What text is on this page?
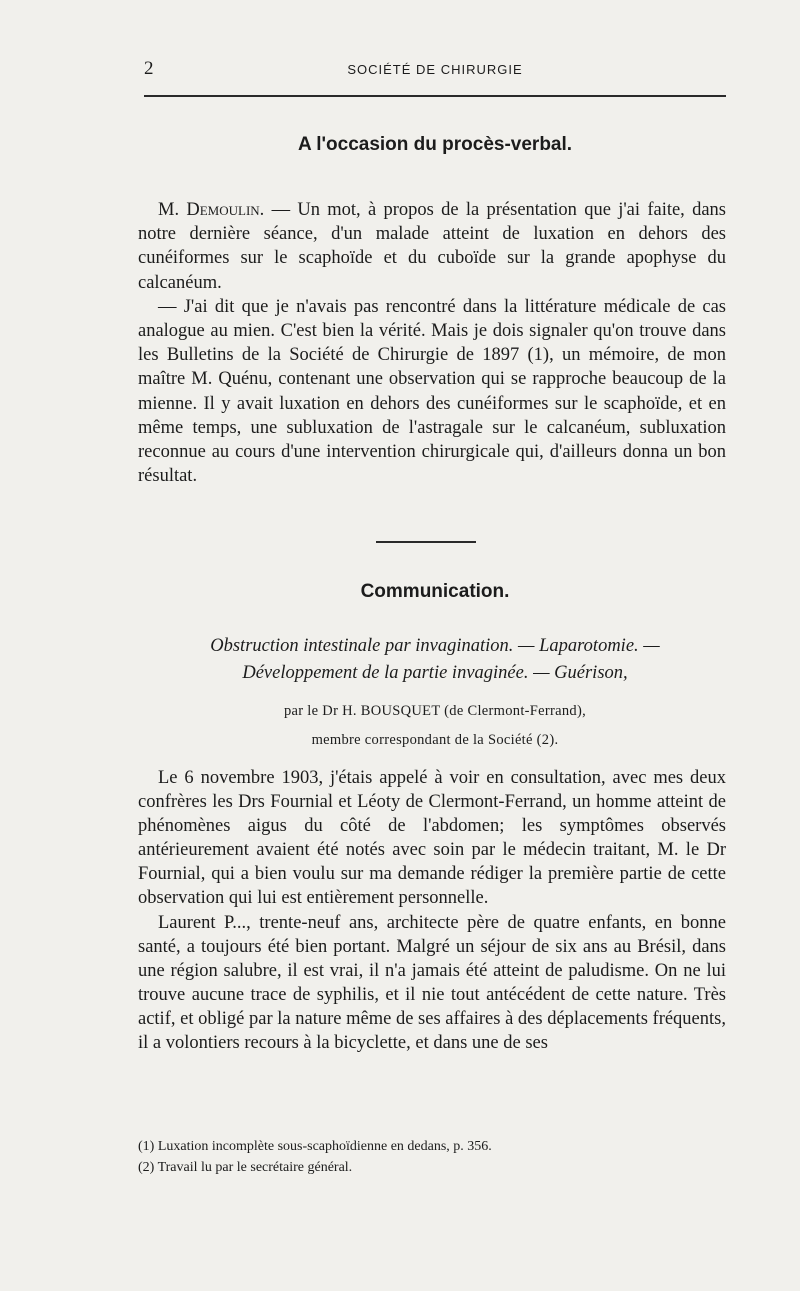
2	SOCIÉTÉ DE CHIRURGIE
A l'occasion du procès-verbal.

M. Demoulin. — Un mot, à propos de la présentation que j'ai faite, dans notre dernière séance, d'un malade atteint de luxation en dehors des cunéiformes sur le scaphoïde et du cuboïde sur la grande apophyse du calcanéum.

— J'ai dit que je n'avais pas rencontré dans la littérature médicale de cas analogue au mien. C'est bien la vérité. Mais je dois signaler qu'on trouve dans les Bulletins de la Société de Chirurgie de 1897 (1), un mémoire, de mon maître M. Quénu, contenant une observation qui se rapproche beaucoup de la mienne. Il y avait luxation en dehors des cunéiformes sur le scaphoïde, et en même temps, une subluxation de l'astragale sur le calcanéum, subluxation reconnue au cours d'une intervention chirurgicale qui, d'ailleurs donna un bon résultat.

Communication.
Obstruction intestinale par invagination. — Laparotomie. —
Développement de la partie invaginée. — Guérison,
par le Dr H. BOUSQUET (de Clermont-Ferrand),
membre correspondant de la Société (2).

Le 6 novembre 1903, j'étais appelé à voir en consultation, avec mes deux confrères les Drs Fournial et Léoty de Clermont-Ferrand, un homme atteint de phénomènes aigus du côté de l'abdomen; les symptômes observés antérieurement avaient été notés avec soin par le médecin traitant, M. le Dr Fournial, qui a bien voulu sur ma demande rédiger la première partie de cette observation qui lui est entièrement personnelle.

Laurent P..., trente-neuf ans, architecte père de quatre enfants, en bonne santé, a toujours été bien portant. Malgré un séjour de six ans au Brésil, dans une région salubre, il est vrai, il n'a jamais été atteint de paludisme. On ne lui trouve aucune trace de syphilis, et il nie tout antécédent de cette nature. Très actif, et obligé par la nature même de ses affaires à des déplacements fréquents, il a volontiers recours à la bicyclette, et dans une de ses

(1) Luxation incomplète sous-scaphoïdienne en dedans, p. 356.
(2) Travail lu par le secrétaire général.
